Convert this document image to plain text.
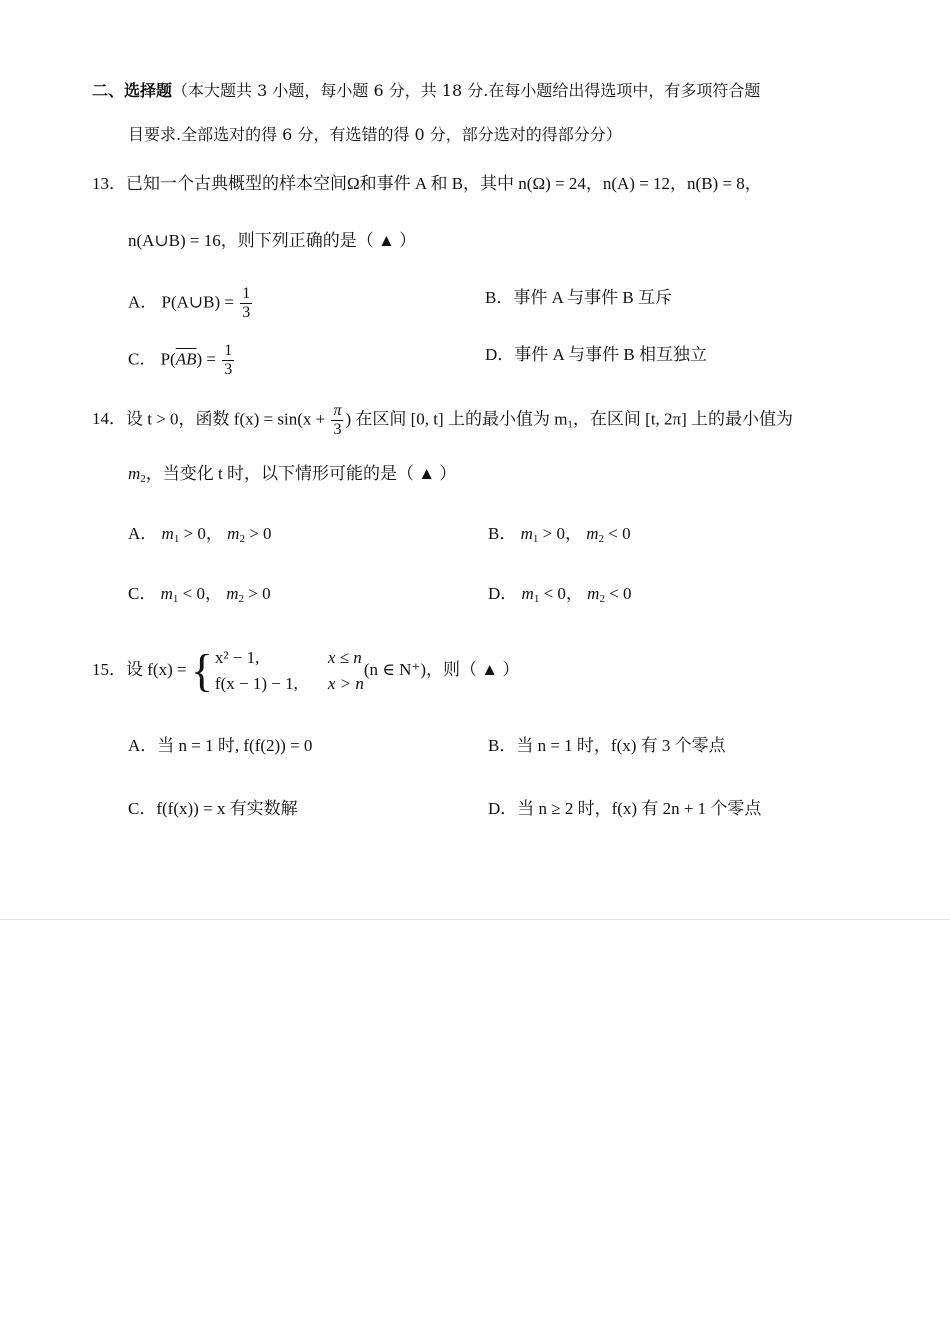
二、选择题（本大题共 3 小题，每小题 6 分，共 18 分.在每小题给出得选项中，有多项符合题
目要求.全部选对的得 6 分，有选错的得 0 分，部分选对的得部分分）
13．已知一个古典概型的样本空间Ω和事件 A 和 B，其中 n(Ω) = 24，n(A) = 12，n(B) = 8，
n(A∪B) = 16，则下列正确的是（ ▲ ）
A． P(A∪B) = $\frac{1}{3}$	B．事件 A 与事件 B 互斥
C． $P(\overline{AB}) = \frac{1}{3}$	D．事件 A 与事件 B 相互独立
14．设 t > 0，函数 $f(x) = \sin(x + \frac{\pi}{3}$ ) 在区间 [0, t] 上的最小值为 $m_1$，在区间 [t, 2π] 上的最小值为
$m_2$，当变化 t 时，以下情形可能的是（ ▲ ）
A． $m_1 > 0$， $m_2 > 0$	B． $m_1 > 0$， $m_2 < 0$
C． $m_1 < 0$， $m_2 > 0$	D． $m_1 < 0$， $m_2 < 0$
15．设 f(x) = { x² − 1,	x ≤ n
f(x − 1) − 1, x > n
(n ∈ N⁺)，则（ ▲ ）
A．当 n = 1 时, f(f(2)) = 0	B．当 n = 1 时，f(x) 有 3 个零点
C．f(f(x)) = x 有实数解	D．当 n ≥ 2 时，f(x) 有 2n + 1 个零点
